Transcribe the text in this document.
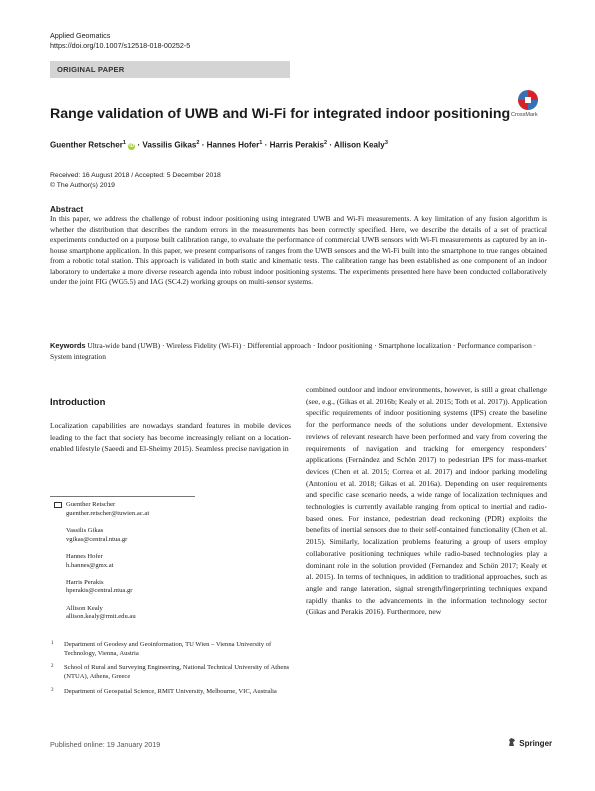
Applied Geomatics
https://doi.org/10.1007/s12518-018-00252-5
ORIGINAL PAPER
CrossMark
Range validation of UWB and Wi-Fi for integrated indoor positioning
Guenther Retscher$^1$ iD · Vassilis Gikas$^2$ · Hannes Hofer$^1$ · Harris Perakis$^2$ · Allison Kealy$^3$
Received: 16 August 2018 / Accepted: 5 December 2018
© The Author(s) 2019
Abstract
In this paper, we address the challenge of robust indoor positioning using integrated UWB and Wi-Fi measurements. A key limitation of any fusion algorithm is whether the distribution that describes the random errors in the measurements has been correctly specified. Here, we describe the details of a set of practical experiments conducted on a purpose built calibration range, to evaluate the performance of commercial UWB sensors with Wi-Fi measurements as captured by an in-house smartphone application. In this paper, we present comparisons of ranges from the UWB sensors and the Wi-Fi built into the smartphone to true ranges obtained from a robotic total station. This approach is validated in both static and kinematic tests. The calibration range has been established as one component of an indoor laboratory to undertake a more diverse research agenda into robust indoor positioning systems. The experiments presented here have been conducted collaboratively under the joint FIG (WG5.5) and IAG (SC4.2) working groups on multi-sensor systems.
Keywords Ultra-wide band (UWB) · Wireless Fidelity (Wi-Fi) · Differential approach · Indoor positioning · Smartphone localization · Performance comparison · System integration
Introduction
Localization capabilities are nowadays standard features in mobile devices leading to the fact that society has become increasingly reliant on a location-enabled lifestyle (Saeedi and El-Sheimy 2015). Seamless precise navigation in
combined outdoor and indoor environments, however, is still a great challenge (see, e.g., (Gikas et al. 2016b; Kealy et al. 2015; Toth et al. 2017)). Application specific requirements of indoor positioning systems (IPS) create the baseline for the performance needs of the solutions under development. Extensive reviews of relevant research have been performed and vary from covering the requirements of navigation and tracking for emergency responders’ applications (Fernández and Schön 2017) to pedestrian IPS for mass-market devices (Chen et al. 2015; Correa et al. 2017) and indoor parking modeling (Antoniou et al. 2018; Gikas et al. 2016a). Depending on user requirements and specific case scenario needs, a wide range of localization techniques and technologies is currently available ranging from optical to inertial and radio-based ones. For instance, pedestrian dead reckoning (PDR) exploits the benefits of inertial sensors due to their self-contained functionality (Chen et al. 2015). Similarly, localization problems featuring a group of users employ collaborative positioning techniques while radio-based technologies play a dominant role in the solution provided (Fernandez and Schön 2017; Kealy et al. 2015). In terms of techniques, in addition to traditional approaches, such as angle and range lateration, signal strength/fingerprinting techniques expand rapidly thanks to the advancements in the information technology sector (Gikas and Perakis 2016). Furthermore, new
Guenther Retscher
guenther.retscher@tuwien.ac.at
Vassilis Gikas
vgikas@central.ntua.gr
Hannes Hofer
h.hannes@gmx.at
Harris Perakis
hperakis@central.ntua.gr
Allison Kealy
allison.kealy@rmit.edu.au
1 Department of Geodesy and Geoinformation, TU Wien – Vienna University of Technology, Vienna, Austria
2 School of Rural and Surveying Engineering, National Technical University of Athens (NTUA), Athens, Greece
3 Department of Geospatial Science, RMIT University, Melbourne, VIC, Australia
Published online: 19 January 2019	Springer
